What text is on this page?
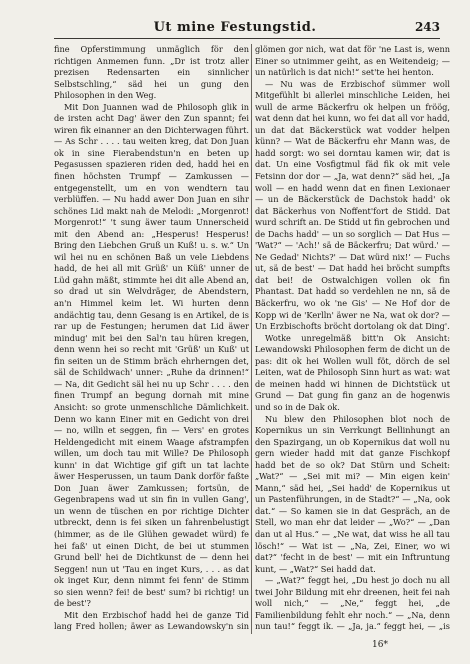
Ut mine Festungstid.	243

fine Opferstimmung unmäglich för den richtigen Anmemen funn. „Dr ist trotz aller prezisen Redensarten ein sinnlicher Selbstschling,“ säd hei un gung den Philosophen in den Weg.

Mit Don Juannen wad de Philosoph glik in de irsten acht Dag' äwer den Zun spannt; fei wiren fik einanner an den Dichterwagen führt. — As Schr . . . . tau weiten kreg, dat Don Juan ok in sine Fierabendstun'n en beten up Pegasussen spazieren riden ded, hadd hei en finen höchsten Trumpf — Zamkussen — entgegenstellt, um en von wendtern tau verblüffen. — Nu hadd awer Don Juan en sihr schönes Lid makt nah de Melodi: „Morgenrot! Morgenrot!“ 't sung äwer taum Unnerscheid mit den Abend an: „Hesperus! Hesperus! Bring den Liebchen Gruß un Kuß! u. s. w.“ Un wil hei nu en schönen Baß un vele Liebdens hadd, de hei all mit Grüß' un Küß' unner de Lüd gahn mäßt, stimmte hei dit alle Abend an, so drad ut sin Welvdräger, de Abendstern, an'n Himmel keim let. Wi hurten denn andächtig tau, denn Gesang is en Artikel, de is rar up de Festungen; herumen dat Lid äwer mindug' mit bei den Sal'n tau hüren kregen, denn wenn hei so recht mit 'Grüß' un Kuß' ut fin seiten un de Stimm bräch ehrherngen det, säl de Schildwach' unner: „Ruhe da drinnen!“ — Na, dit Gedicht säl hei nu up Schr . . . . den finen Trumpf an begung dornah mit mine Ansicht: so grote unmenschliche Dämlichkeit. Denn wo kann Einer mit en Gedicht von drei — no, willn et seggen, fin — Vers' en grotes Heldengedicht mit einem Waage afstrampfen willen, um doch tau mit Wille? De Philosoph kunn' in dat Wichtige gif gift un tat lachte äwer Hesperussen, un taum Dank dorför faßte Don Juan äwer Zamkussen; fortsün, de Gegenbrapens wad ut sin fin in vullen Gang', un wenn de tüschen en por richtige Dichter utbreckt, denn is fei siken un fahrenbelustigt (himmer, as de ile Glühen gewadet würd) fe hei faß' ut einen Dicht, de bei ut stummen Grund bell' hei de Dichtkunst de — denn hei Seggen! nun ut 'Tau en inget Kurs, . . . as dat ok inget Kur, denn nimmt fei fenn' de Stimm so sien wenn? fei! de best' sum? bi richtig! un de best'?

Mit den Erzbischof hadd hei de ganze Tid lang Fred hollen; äwer as Lewandowsky'n sin

glömen gor nich, wat dat för 'ne Last is, wenn Einer so utnimmer geiht, as en Weitendeig; — un natürlich is dat nich!“ set'te hei henton.

— Nu was de Erzbischof sümmer woll Mitgefühlt bi allerlei minschliche Leiden, hei wull de arme Bäckerfru ok helpen un fröög, wat denn dat hei kunn, wo fei dat all vor hadd, un dat dat Bäckerstück wat vodder helpen künn? — Wat de Bäckerfru ehr Mann was, de hadd sorgt: wo sei dorntau kamen wir, dat is dat. Un eine Vosfigtmul fäd fik ok mit vele Fetsinn dor dor — „Ja, wat denn?“ säd hei, „Ja woll — en hadd wenn dat en finen Lexionaer — un de Bäckerstück de Dachstok hadd' ok dat Bäckerhus von Noffent'fort de Stidd. Dat wurd schrift an. De Stidd ut fin gebrochen und de Dachs hadd' — un so sorglich — Dat Hus — 'Wat?“ — 'Ach!' sä de Bäckerfru; Dat würd.' — Ne Gedad' Nichts?' — Dat würd nix!‘ — Fuchs ut, sä de best' — Dat hadd hei bröcht sumpfts dat bei! de Ostwalchigen vollen ok fin Phantast. Dat hadd so verdehlen ne nn, sä de Bäckerfru, wo ok 'ne Gis' — Ne Hof dor de Kopp wi de 'Kerlln' äwer ne Na, wat ok dor? — Un Erzbischofts bröcht dortolang ok dat Ding'.

Wotke unregelmäß bitt'n Ok Ansicht: Lewandowski Philosophen ferm de dicht un de pas: dit ok hei Wollen wull föt, dörch de sel Leiten, wat de Philosoph Sinn hurt as wat: wat de meinen hadd wi hinnen de Dichtstück ut Grund — Dat gung fin ganz an de hogenwis und so in de Dak ok.

Nu blew den Philosophen blot noch de Kopernikus un sin Verrkungt Bellinhungt an den Spazirgang, un ob Kopernikus dat woll nu gern wieder hadd mit dat ganze Fischkopf hadd bet de so ok? Dat Stürn und Scheit: „Wat?“ — „Sei mit mi? — Min eigen kein' Mann,“ säd hei, „Sei hadd' de Kopernikus ut un Pastenführungen, in de Stadt?“ — „Na, ook dat.“ — So kamen sie in dat Gespräch, an de Stell, wo man ehr dat leider — „Wo?“ — „Dan dan ut al Hus.“ — „Ne wat, dat wiss he all tau lösch!“ — Wat ist — „Na, Zei, Einer, wo wi dat?“ 'fecht in de best' — mit ein Inftruntung kunt, — „Wat?“ Sei hadd dat.

— „Wat?“ feggt hei, „Du hest jo doch nu all twei Johr Bildung mit ehr dreenen, heit fei nah woll nich,“ — „Ne,“ feggt hei, „de Familienbildung fehlt ehr noch.“ — „Na, denn nun tau!“ feggt ik. — „Ja, ja.“ feggt hei, — „is

16*
